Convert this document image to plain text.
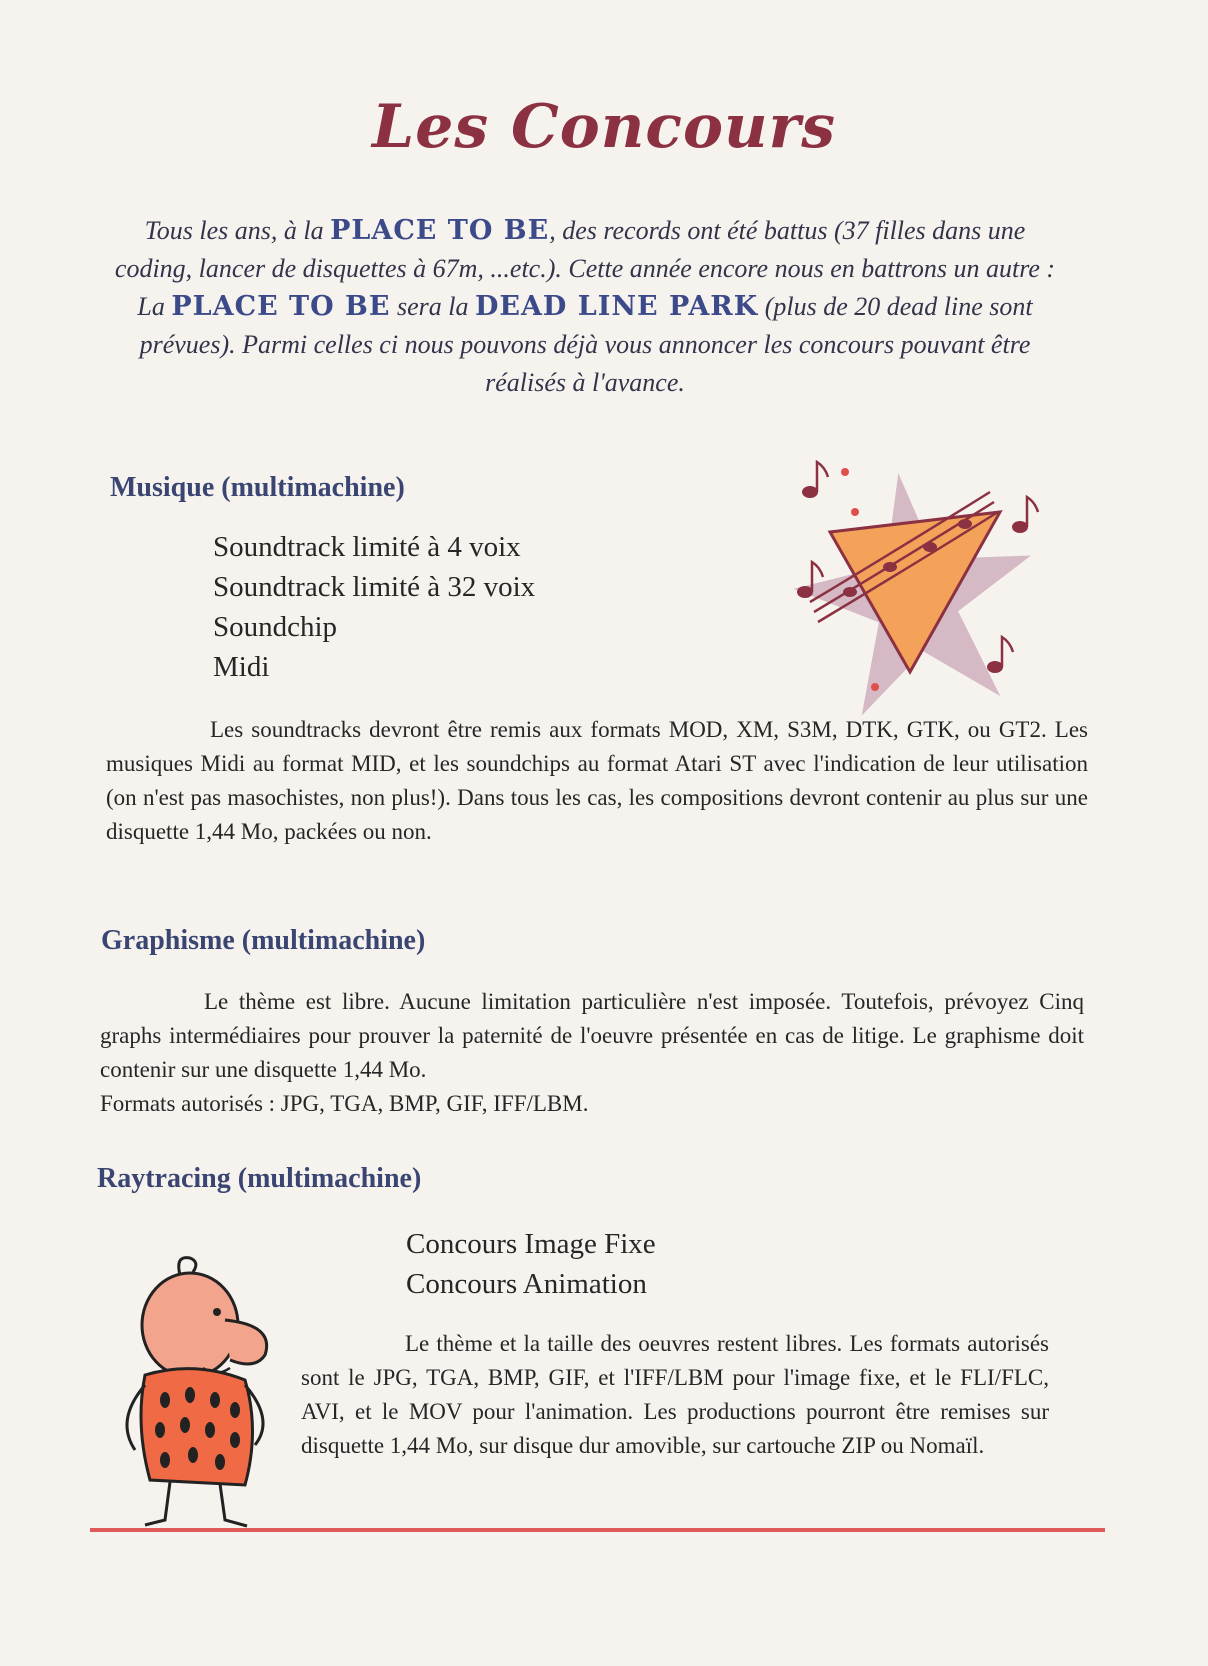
Les Concours

Tous les ans, à la PLACE TO BE, des records ont été battus (37 filles dans une coding, lancer de disquettes à 67m, ...etc.). Cette année encore nous en battrons un autre : La PLACE TO BE sera la DEAD LINE PARK (plus de 20 dead line sont prévues). Parmi celles ci nous pouvons déjà vous annoncer les concours pouvant être réalisés à l'avance.

Musique (multimachine)
Soundtrack limité à 4 voix
Soundtrack limité à 32 voix
Soundchip
Midi

Les soundtracks devront être remis aux formats MOD, XM, S3M, DTK, GTK, ou GT2. Les musiques Midi au format MID, et les soundchips au format Atari ST avec l'indication de leur utilisation (on n'est pas masochistes, non plus!). Dans tous les cas, les compositions devront contenir au plus sur une disquette 1,44 Mo, packées ou non.

Graphisme (multimachine)

Le thème est libre. Aucune limitation particulière n'est imposée. Toutefois, prévoyez Cinq graphs intermédiaires pour prouver la paternité de l'oeuvre présentée en cas de litige. Le graphisme doit contenir sur une disquette 1,44 Mo.
Formats autorisés : JPG, TGA, BMP, GIF, IFF/LBM.

Raytracing (multimachine)
Concours Image Fixe
Concours Animation

Le thème et la taille des oeuvres restent libres. Les formats autorisés sont le JPG, TGA, BMP, GIF, et l'IFF/LBM pour l'image fixe, et le FLI/FLC, AVI, et le MOV pour l'animation. Les productions pourront être remises sur disquette 1,44 Mo, sur disque dur amovible, sur cartouche ZIP ou Nomaïl.
